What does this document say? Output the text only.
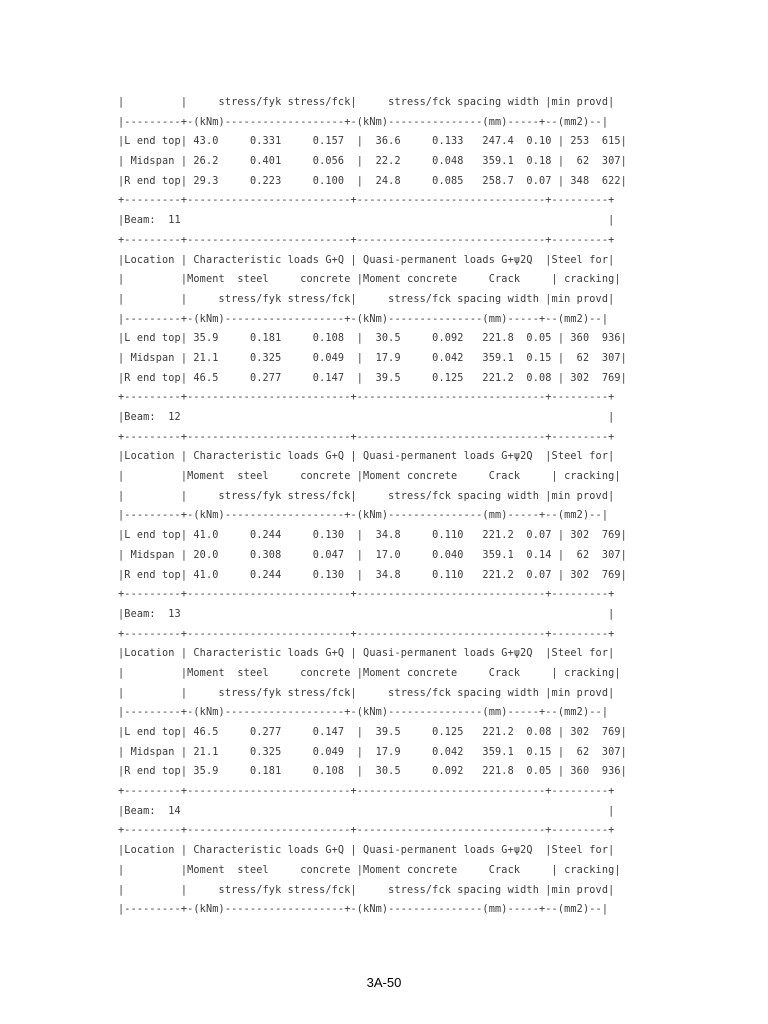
|         |     stress/fyk stress/fck|     stress/fck spacing width |min provd|
|---------+-(kNm)-------------------+-(kNm)---------------(mm)-----+--(mm2)--|
|L end top| 43.0     0.331     0.157  |  36.6     0.133   247.4  0.10 | 253  615|
| Midspan | 26.2     0.401     0.056  |  22.2     0.048   359.1  0.18 |  62  307|
|R end top| 29.3     0.223     0.100  |  24.8     0.085   258.7  0.07 | 348  622|
+---------+--------------------------+------------------------------+---------+
|Beam:  11                                                                    |
+---------+--------------------------+------------------------------+---------+
|Location | Characteristic loads G+Q | Quasi-permanent loads G+ψ2Q  |Steel for|
|         |Moment  steel     concrete |Moment concrete     Crack     | cracking|
|         |     stress/fyk stress/fck|     stress/fck spacing width |min provd|
|---------+-(kNm)-------------------+-(kNm)---------------(mm)-----+--(mm2)--|
|L end top| 35.9     0.181     0.108  |  30.5     0.092   221.8  0.05 | 360  936|
| Midspan | 21.1     0.325     0.049  |  17.9     0.042   359.1  0.15 |  62  307|
|R end top| 46.5     0.277     0.147  |  39.5     0.125   221.2  0.08 | 302  769|
+---------+--------------------------+------------------------------+---------+
|Beam:  12                                                                    |
+---------+--------------------------+------------------------------+---------+
|Location | Characteristic loads G+Q | Quasi-permanent loads G+ψ2Q  |Steel for|
|         |Moment  steel     concrete |Moment concrete     Crack     | cracking|
|         |     stress/fyk stress/fck|     stress/fck spacing width |min provd|
|---------+-(kNm)-------------------+-(kNm)---------------(mm)-----+--(mm2)--|
|L end top| 41.0     0.244     0.130  |  34.8     0.110   221.2  0.07 | 302  769|
| Midspan | 20.0     0.308     0.047  |  17.0     0.040   359.1  0.14 |  62  307|
|R end top| 41.0     0.244     0.130  |  34.8     0.110   221.2  0.07 | 302  769|
+---------+--------------------------+------------------------------+---------+
|Beam:  13                                                                    |
+---------+--------------------------+------------------------------+---------+
|Location | Characteristic loads G+Q | Quasi-permanent loads G+ψ2Q  |Steel for|
|         |Moment  steel     concrete |Moment concrete     Crack     | cracking|
|         |     stress/fyk stress/fck|     stress/fck spacing width |min provd|
|---------+-(kNm)-------------------+-(kNm)---------------(mm)-----+--(mm2)--|
|L end top| 46.5     0.277     0.147  |  39.5     0.125   221.2  0.08 | 302  769|
| Midspan | 21.1     0.325     0.049  |  17.9     0.042   359.1  0.15 |  62  307|
|R end top| 35.9     0.181     0.108  |  30.5     0.092   221.8  0.05 | 360  936|
+---------+--------------------------+------------------------------+---------+
|Beam:  14                                                                    |
+---------+--------------------------+------------------------------+---------+
|Location | Characteristic loads G+Q | Quasi-permanent loads G+ψ2Q  |Steel for|
|         |Moment  steel     concrete |Moment concrete     Crack     | cracking|
|         |     stress/fyk stress/fck|     stress/fck spacing width |min provd|
|---------+-(kNm)-------------------+-(kNm)---------------(mm)-----+--(mm2)--|
3A-50
